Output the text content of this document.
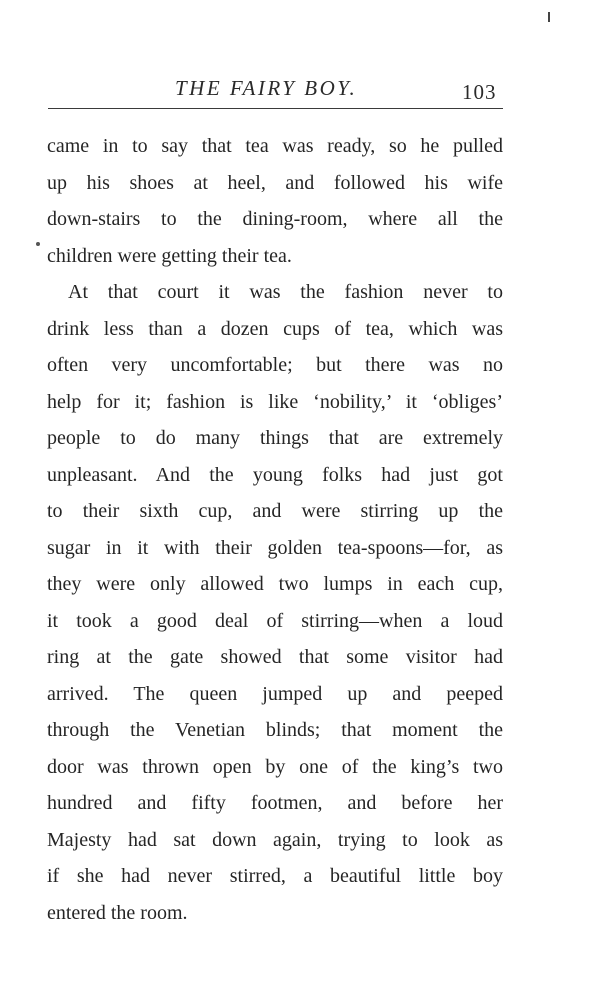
THE FAIRY BOY.	103
came in to say that tea was ready, so he pulled
up his shoes at heel, and followed his wife
down-stairs to the dining-room, where all the
children were getting their tea.
At that court it was the fashion never to
drink less than a dozen cups of tea, which was
often very uncomfortable; but there was no
help for it; fashion is like ‘nobility,’ it ‘obliges’
people to do many things that are extremely
unpleasant. And the young folks had just got
to their sixth cup, and were stirring up the
sugar in it with their golden tea-spoons—for, as
they were only allowed two lumps in each cup,
it took a good deal of stirring—when a loud
ring at the gate showed that some visitor had
arrived. The queen jumped up and peeped
through the Venetian blinds; that moment the
door was thrown open by one of the king’s two
hundred and fifty footmen, and before her
Majesty had sat down again, trying to look as
if she had never stirred, a beautiful little boy
entered the room.
